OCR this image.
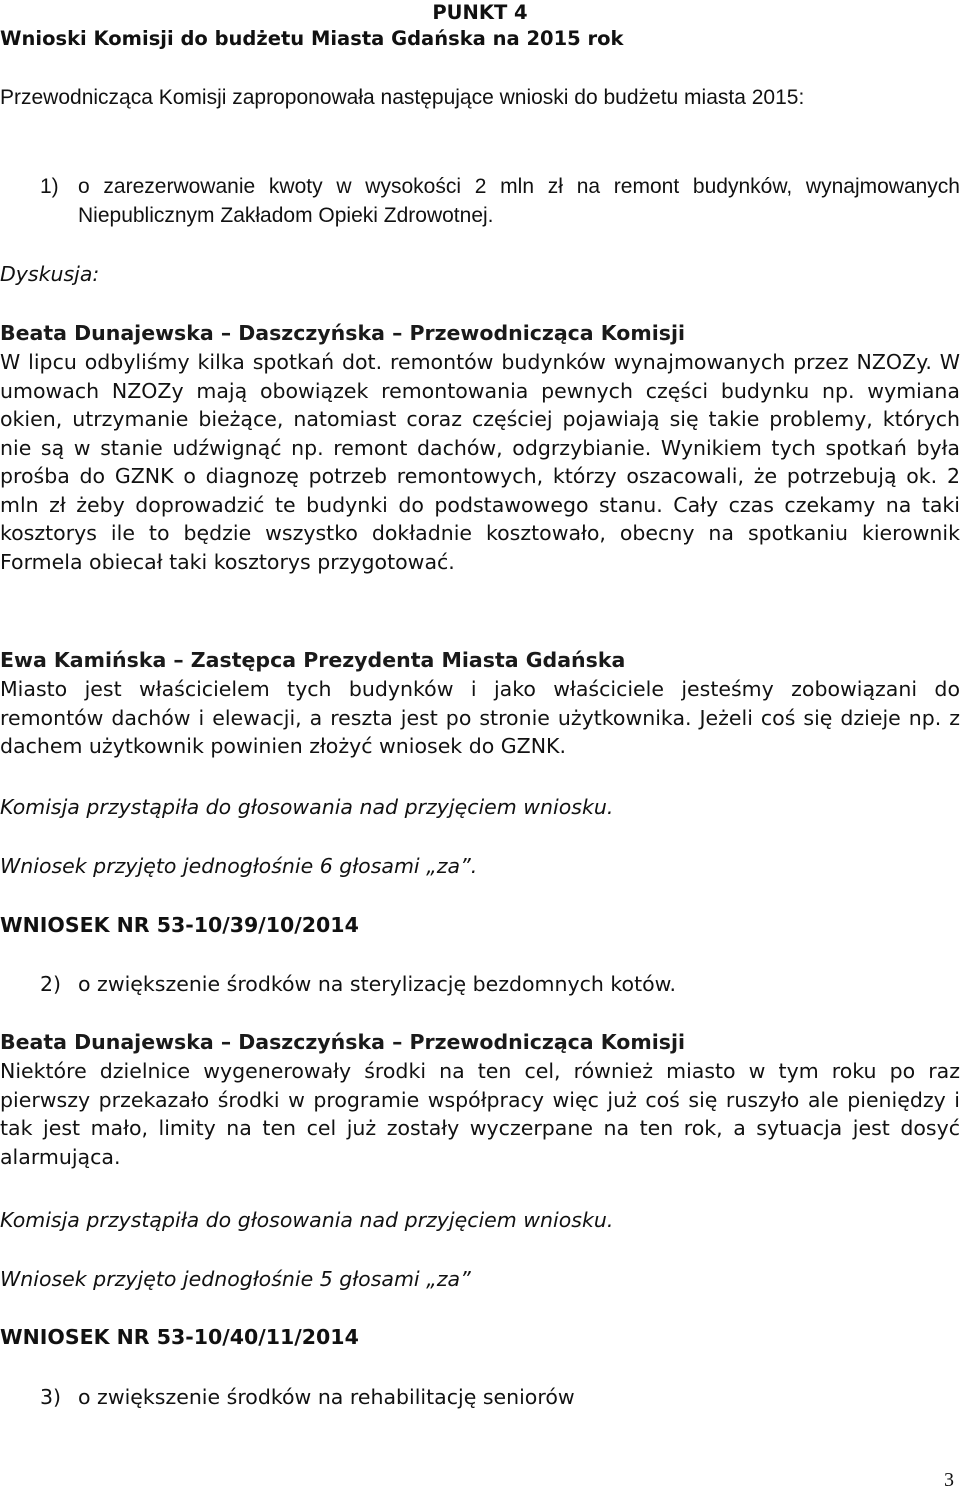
PUNKT 4
Wnioski Komisji do budżetu Miasta Gdańska na 2015 rok

Przewodnicząca Komisji zaproponowała następujące wnioski do budżetu miasta 2015:

1) o zarezerwowanie kwoty w wysokości 2 mln zł na remont budynków, wynajmowanych Niepublicznym Zakładom Opieki Zdrowotnej.

Dyskusja:

Beata Dunajewska – Daszczyńska – Przewodnicząca Komisji

W lipcu odbyliśmy kilka spotkań dot. remontów budynków wynajmowanych przez NZOZy. W umowach NZOZy mają obowiązek remontowania pewnych części budynku np. wymiana okien, utrzymanie bieżące, natomiast coraz częściej pojawiają się takie problemy, których nie są w stanie udźwignąć np. remont dachów, odgrzybianie. Wynikiem tych spotkań była prośba do GZNK o diagnozę potrzeb remontowych, którzy oszacowali, że potrzebują ok. 2 mln zł żeby doprowadzić te budynki do podstawowego stanu. Cały czas czekamy na taki kosztorys ile to będzie wszystko dokładnie kosztowało, obecny na spotkaniu kierownik Formela obiecał taki kosztorys przygotować.

Ewa Kamińska – Zastępca Prezydenta Miasta Gdańska

Miasto jest właścicielem tych budynków i jako właściciele jesteśmy zobowiązani do remontów dachów i elewacji, a reszta jest po stronie użytkownika. Jeżeli coś się dzieje np. z dachem użytkownik powinien złożyć wniosek do GZNK.

Komisja przystąpiła do głosowania nad przyjęciem wniosku.

Wniosek przyjęto jednogłośnie 6 głosami „za”.

WNIOSEK NR 53-10/39/10/2014
2) o zwiększenie środków na sterylizację bezdomnych kotów.

Beata Dunajewska – Daszczyńska – Przewodnicząca Komisji

Niektóre dzielnice wygenerowały środki na ten cel, również miasto w tym roku po raz pierwszy przekazało środki w programie współpracy więc już coś się ruszyło ale pieniędzy i tak jest mało, limity na ten cel już zostały wyczerpane na ten rok, a sytuacja jest dosyć alarmująca.

Komisja przystąpiła do głosowania nad przyjęciem wniosku.

Wniosek przyjęto jednogłośnie 5 głosami „za”

WNIOSEK NR 53-10/40/11/2014
3) o zwiększenie środków na rehabilitację seniorów
3
